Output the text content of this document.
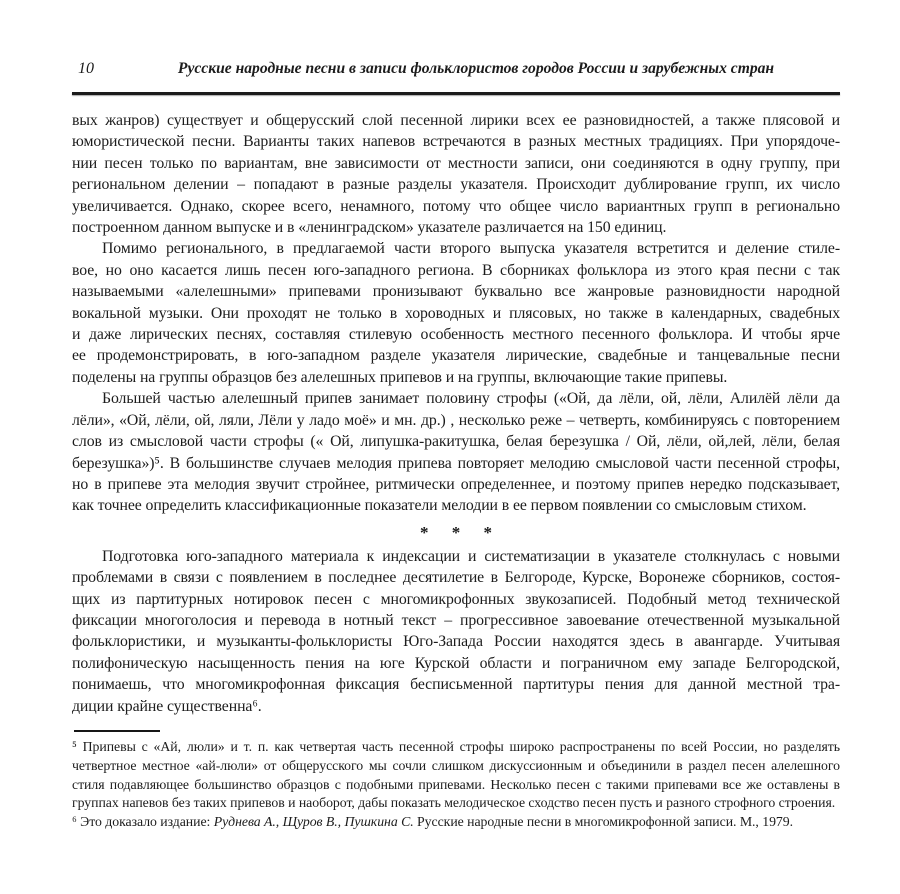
10	Русские народные песни в записи фольклористов городов России и зарубежных стран
вых жанров) существует и общерусский слой песенной лирики всех ее разновидностей, а также плясовой и
юмористической песни. Варианты таких напевов встречаются в разных местных традициях. При упорядоче-
нии песен только по вариантам, вне зависимости от местности записи, они соединяются в одну группу, при
региональном делении – попадают в разные разделы указателя. Происходит дублирование групп, их число
увеличивается. Однако, скорее всего, ненамного, потому что общее число вариантных групп в регионально
построенном данном выпуске и в «ленинградском» указателе различается на 150 единиц.
Помимо регионального, в предлагаемой части второго выпуска указателя встретится и деление стиле-
вое, но оно касается лишь песен юго-западного региона. В сборниках фольклора из этого края песни с так
называемыми «алелешными» припевами пронизывают буквально все жанровые разновидности народной
вокальной музыки. Они проходят не только в хороводных и плясовых, но также в календарных, свадебных
и даже лирических песнях, составляя стилевую особенность местного песенного фольклора. И чтобы ярче
ее продемонстрировать, в юго-западном разделе указателя лирические, свадебные и танцевальные песни
поделены на группы образцов без алелешных припевов и на группы, включающие такие припевы.
Большей частью алелешный припев занимает половину строфы («Ой, да лёли, ой, лёли, Алилёй лёли да
лёли», «Ой, лёли, ой, ляли, Лёли у ладо моё» и мн. др.) , несколько реже – четверть, комбинируясь с повторением
слов из смысловой части строфы (« Ой, липушка-ракитушка, белая березушка / Ой, лёли, ой,лей, лёли, белая
березушка»)⁵. В большинстве случаев мелодия припева повторяет мелодию смысловой части песенной строфы,
но в припеве эта мелодия звучит стройнее, ритмически определеннее, и поэтому припев нередко подсказывает,
как точнее определить классификационные показатели мелодии в ее первом появлении со смысловым стихом.
* * *
Подготовка юго-западного материала к индексации и систематизации в указателе столкнулась с новыми
проблемами в связи с появлением в последнее десятилетие в Белгороде, Курске, Воронеже сборников, состоя-
щих из партитурных нотировок песен с многомикрофонных звукозаписей. Подобный метод технической
фиксации многоголосия и перевода в нотный текст – прогрессивное завоевание отечественной музыкальной
фольклористики, и музыканты-фольклористы Юго-Запада России находятся здесь в авангарде. Учитывая
полифоническую насыщенность пения на юге Курской области и пограничном ему западе Белгородской,
понимаешь, что многомикрофонная фиксация бесписьменной партитуры пения для данной местной тра-
диции крайне существенна⁶.
⁵ Припевы с «Ай, люли» и т. п. как четвертая часть песенной строфы широко распространены по всей России, но разделять
четвертное местное «ай-люли» от общерусского мы сочли слишком дискуссионным и объединили в раздел песен алелешного
стиля подавляющее большинство образцов с подобными припевами. Несколько песен с такими припевами все же оставлены в
группах напевов без таких припевов и наоборот, дабы показать мелодическое сходство песен пусть и разного строфного строения.
⁶ Это доказало издание: Руднева А., Щуров В., Пушкина С. Русские народные песни в многомикрофонной записи. М., 1979.
